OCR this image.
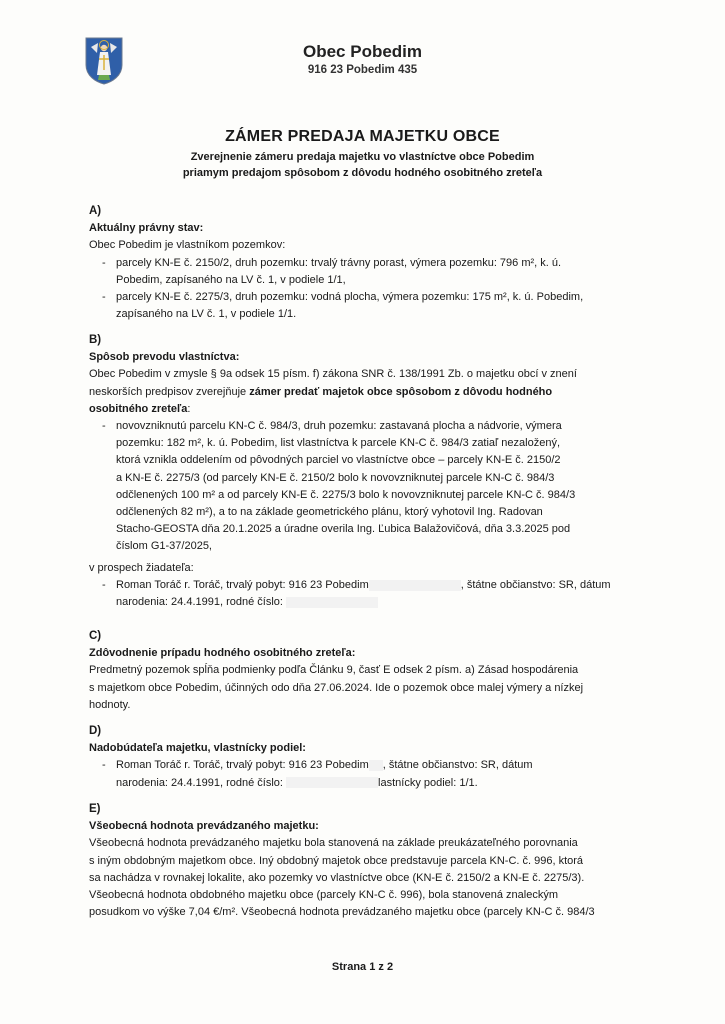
Obec Pobedim
916 23 Pobedim 435
ZÁMER PREDAJA MAJETKU OBCE
Zverejnenie zámeru predaja majetku vo vlastníctve obce Pobedim
priamym predajom spôsobom z dôvodu hodného osobitného zreteľa
A)
Aktuálny právny stav:
Obec Pobedim je vlastníkom pozemkov:
- parcely KN-E č. 2150/2, druh pozemku: trvalý trávny porast, výmera pozemku: 796 m², k. ú.
Pobedim, zapísaného na LV č. 1, v podiele 1/1,
- parcely KN-E č. 2275/3, druh pozemku: vodná plocha, výmera pozemku: 175 m², k. ú. Pobedim,
zapísaného na LV č. 1, v podiele 1/1.
B)
Spôsob prevodu vlastníctva:
Obec Pobedim v zmysle § 9a odsek 15 písm. f) zákona SNR č. 138/1991 Zb. o majetku obcí v znení
neskorších predpisov zverejňuje zámer predať majetok obce spôsobom z dôvodu hodného
osobitného zreteľa:
- novovzniknutú parcelu KN-C č. 984/3, druh pozemku: zastavaná plocha a nádvorie, výmera
pozemku: 182 m², k. ú. Pobedim, list vlastníctva k parcele KN-C č. 984/3 zatiaľ nezaložený,
ktorá vznikla oddelením od pôvodných parciel vo vlastníctve obce – parcely KN-E č. 2150/2
a KN-E č. 2275/3 (od parcely KN-E č. 2150/2 bolo k novovzniknutej parcele KN-C č. 984/3
odčlenených 100 m² a od parcely KN-E č. 2275/3 bolo k novovzniknutej parcele KN-C č. 984/3
odčlenených 82 m²), a to na základe geometrického plánu, ktorý vyhotovil Ing. Radovan
Stacho-GEOSTA dňa 20.1.2025 a úradne overila Ing. Ľubica Balažovičová, dňa 3.3.2025 pod
číslom G1-37/2025,
v prospech žiadateľa:
- Roman Toráč r. Toráč, trvalý pobyt: 916 23 Pobedim	, štátne občianstvo: SR, dátum
narodenia: 24.4.1991, rodné číslo:
C)
Zdôvodnenie prípadu hodného osobitného zreteľa:
Predmetný pozemok spĺňa podmienky podľa Článku 9, časť E odsek 2 písm. a) Zásad hospodárenia
s majetkom obce Pobedim, účinných odo dňa 27.06.2024. Ide o pozemok obce malej výmery a nízkej
hodnoty.
D)
Nadobúdateľa majetku, vlastnícky podiel:
- Roman Toráč r. Toráč, trvalý pobyt: 916 23 Pobedim , štátne občianstvo: SR, dátum
narodenia: 24.4.1991, rodné číslo:	lastnícky podiel: 1/1.
E)
Všeobecná hodnota prevádzaného majetku:
Všeobecná hodnota prevádzaného majetku bola stanovená na základe preukázateľného porovnania
s iným obdobným majetkom obce. Iný obdobný majetok obce predstavuje parcela KN-C. č. 996, ktorá
sa nachádza v rovnakej lokalite, ako pozemky vo vlastníctve obce (KN-E č. 2150/2 a KN-E č. 2275/3).
Všeobecná hodnota obdobného majetku obce (parcely KN-C č. 996), bola stanovená znaleckým
posudkom vo výške 7,04 €/m². Všeobecná hodnota prevádzaného majetku obce (parcely KN-C č. 984/3
Strana 1 z 2
